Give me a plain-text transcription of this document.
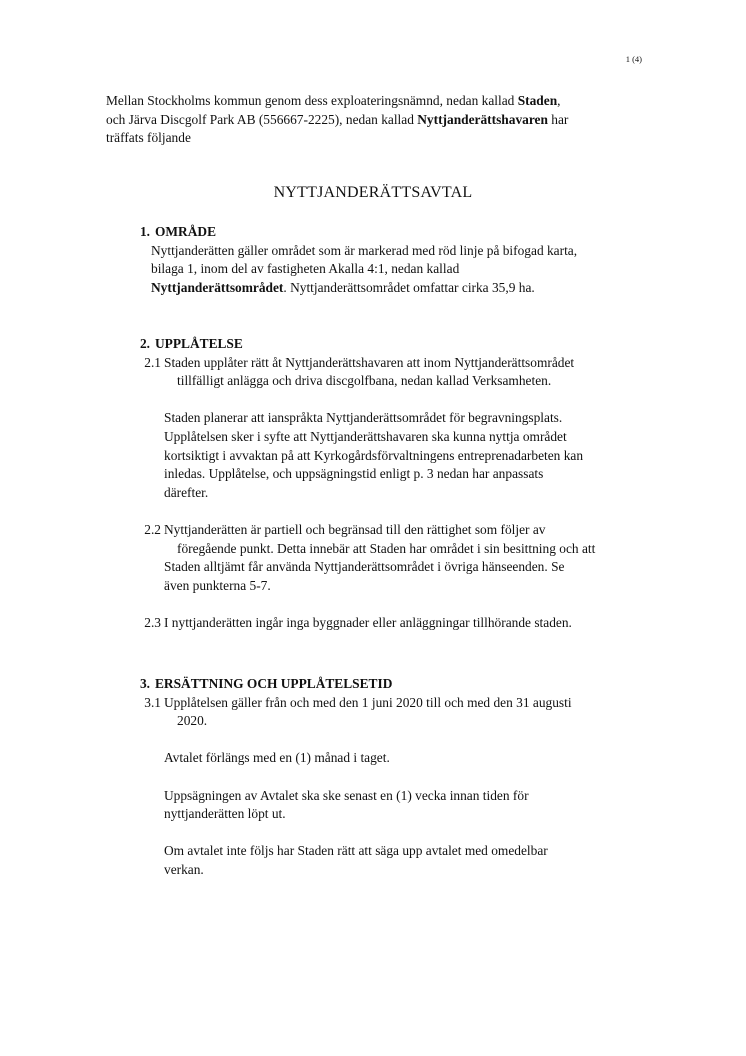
1 (4)

Mellan Stockholms kommun genom dess exploateringsnämnd, nedan kallad Staden,

och Järva Discgolf Park AB (556667-2225), nedan kallad Nyttjanderättshavaren har

träffats följande

NYTTJANDERÄTTSAVTAL
1. OMRÅDE
Nyttjanderätten gäller området som är markerad med röd linje på bifogad karta,
bilaga 1, inom del av fastigheten Akalla 4:1, nedan kallad
Nyttjanderättsområdet. Nyttjanderättsområdet omfattar cirka 35,9 ha.
2. UPPLÅTELSE
2.1 Staden upplåter rätt åt Nyttjanderättshavaren att inom Nyttjanderättsområdet
tillfälligt anlägga och driva discgolfbana, nedan kallad Verksamheten.
Staden planerar att ianspråkta Nyttjanderättsområdet för begravningsplats.
Upplåtelsen sker i syfte att Nyttjanderättshavaren ska kunna nyttja området
kortsiktigt i avvaktan på att Kyrkogårdsförvaltningens entreprenadarbeten kan
inledas. Upplåtelse, och uppsägningstid enligt p. 3 nedan har anpassats
därefter.
2.2 Nyttjanderätten är partiell och begränsad till den rättighet som följer av
föregående punkt. Detta innebär att Staden har området i sin besittning och att
Staden alltjämt får använda Nyttjanderättsområdet i övriga hänseenden. Se
även punkterna 5-7.
2.3 I nyttjanderätten ingår inga byggnader eller anläggningar tillhörande staden.
3. ERSÄTTNING OCH UPPLÅTELSETID
3.1 Upplåtelsen gäller från och med den 1 juni 2020 till och med den 31 augusti
2020.
Avtalet förlängs med en (1) månad i taget.
Uppsägningen av Avtalet ska ske senast en (1) vecka innan tiden för
nyttjanderätten löpt ut.
Om avtalet inte följs har Staden rätt att säga upp avtalet med omedelbar
verkan.
